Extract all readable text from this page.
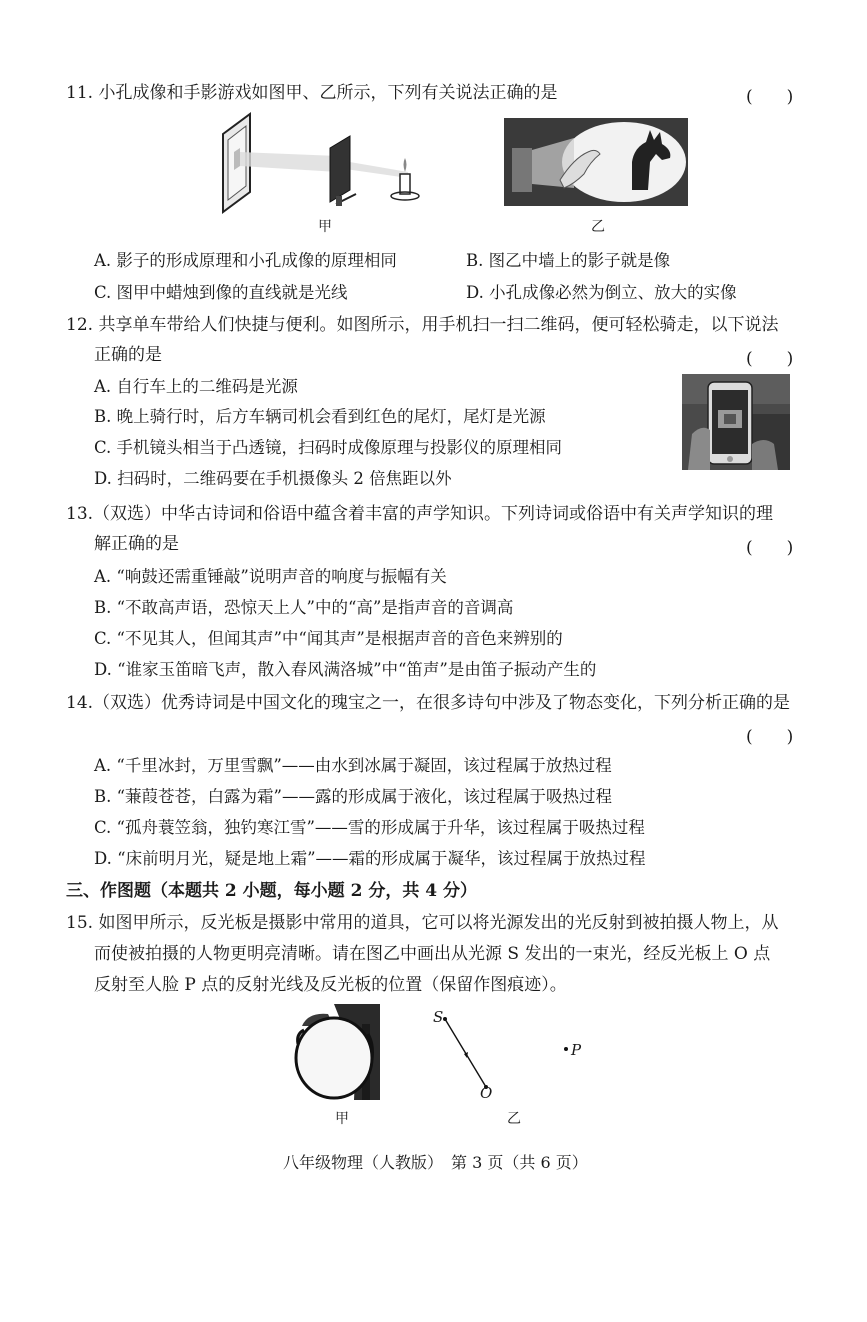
11. 小孔成像和手影游戏如图甲、乙所示，下列有关说法正确的是	(　　)
甲	乙
A. 影子的形成原理和小孔成像的原理相同	B. 图乙中墙上的影子就是像
C. 图甲中蜡烛到像的直线就是光线	D. 小孔成像必然为倒立、放大的实像
12. 共享单车带给人们快捷与便利。如图所示，用手机扫一扫二维码，便可轻松骑走，以下说法
正确的是	(　　)
A. 自行车上的二维码是光源
B. 晚上骑行时，后方车辆司机会看到红色的尾灯，尾灯是光源
C. 手机镜头相当于凸透镜，扫码时成像原理与投影仪的原理相同
D. 扫码时，二维码要在手机摄像头 2 倍焦距以外
13.（双选）中华古诗词和俗语中蕴含着丰富的声学知识。下列诗词或俗语中有关声学知识的理
解正确的是	(　　)
A. “响鼓还需重锤敲”说明声音的响度与振幅有关
B. “不敢高声语，恐惊天上人”中的“高”是指声音的音调高
C. “不见其人，但闻其声”中“闻其声”是根据声音的音色来辨别的
D. “谁家玉笛暗飞声，散入春风满洛城”中“笛声”是由笛子振动产生的
14.（双选）优秀诗词是中国文化的瑰宝之一，在很多诗句中涉及了物态变化，下列分析正确的是
(　　)
A. “千里冰封，万里雪飘”——由水到冰属于凝固，该过程属于放热过程
B. “蒹葭苍苍，白露为霜”——露的形成属于液化，该过程属于吸热过程
C. “孤舟蓑笠翁，独钓寒江雪”——雪的形成属于升华，该过程属于吸热过程
D. “床前明月光，疑是地上霜”——霜的形成属于凝华，该过程属于放热过程
三、作图题（本题共 2 小题，每小题 2 分，共 4 分）
15. 如图甲所示，反光板是摄影中常用的道具，它可以将光源发出的光反射到被拍摄人物上，从
而使被拍摄的人物更明亮清晰。请在图乙中画出从光源 S 发出的一束光，经反光板上 O 点
反射至人脸 P 点的反射光线及反光板的位置（保留作图痕迹）。
甲
S
O
P
乙
八年级物理（人教版）　第 3 页（共 6 页）
